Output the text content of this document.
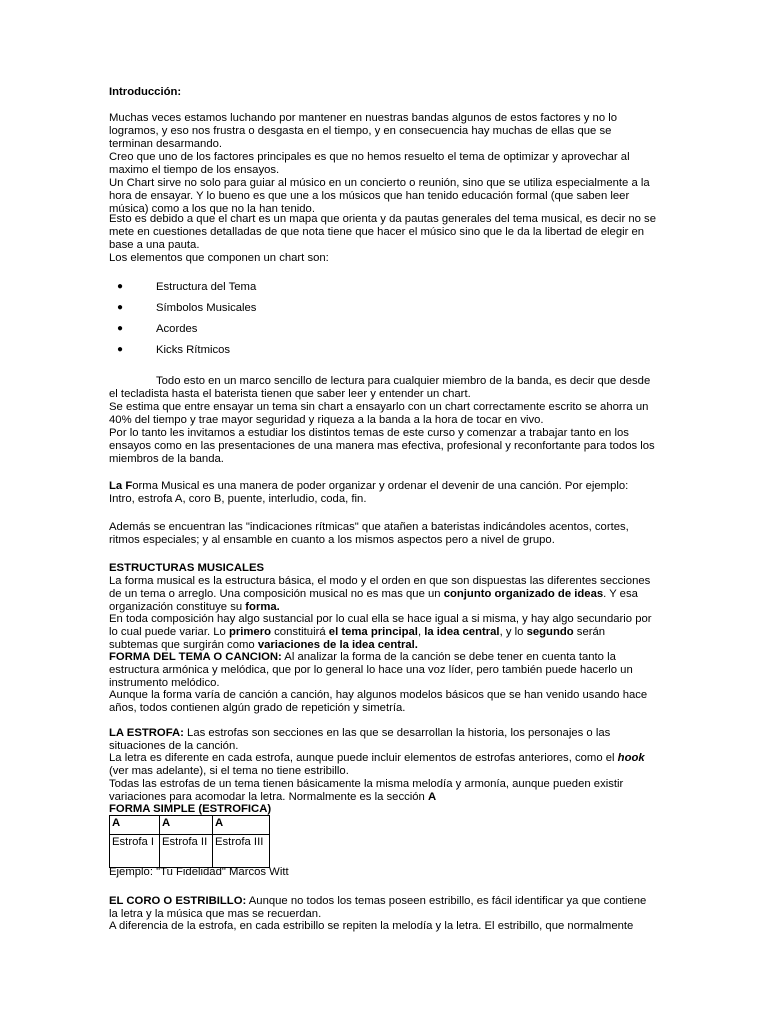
Introducción:
Muchas veces estamos luchando por mantener en nuestras bandas algunos de estos factores y no lo logramos, y eso nos frustra o desgasta en el tiempo, y en consecuencia hay muchas de ellas que se terminan desarmando.
Creo que uno de los factores principales es que no hemos resuelto el tema de optimizar y aprovechar al maximo el tiempo de los ensayos.
Un Chart sirve no solo para guiar al músico en un concierto o reunión, sino que se utiliza especialmente a la hora de ensayar. Y lo bueno es que une a los músicos que han tenido educación formal (que saben leer música) como a los que no la han tenido.
Esto es debido a que el chart es un mapa que orienta y da pautas generales del tema musical, es decir no se mete en cuestiones detalladas de que nota tiene que hacer el músico sino que le da la libertad de elegir en base a una pauta.
Los elementos que componen un chart son:
●	Estructura del Tema
●	Símbolos Musicales
●	Acordes
●	Kicks Rítmicos
Todo esto en un marco sencillo de lectura para cualquier miembro de la banda, es decir que desde el tecladista hasta el baterista tienen que saber leer y entender un chart.
Se estima que entre ensayar un tema sin chart a ensayarlo con un chart correctamente escrito se ahorra un 40% del tiempo y trae mayor seguridad y riqueza a la banda a la hora de tocar en vivo.
Por lo tanto les invitamos a estudiar los distintos temas de este curso y comenzar a trabajar tanto en los ensayos como en las presentaciones de una manera mas efectiva, profesional y reconfortante para todos los miembros de la banda.
La Forma Musical es una manera de poder organizar y ordenar el devenir de una canción. Por ejemplo: Intro, estrofa A, coro B, puente, interludio, coda, fin.
Además se encuentran las "indicaciones rítmicas" que atañen a bateristas indicándoles acentos, cortes, ritmos especiales; y al ensamble en cuanto a los mismos aspectos pero a nivel de grupo.
ESTRUCTURAS MUSICALES
La forma musical es la estructura básica, el modo y el orden en que son dispuestas las diferentes secciones de un tema o arreglo. Una composición musical no es mas que un conjunto organizado de ideas. Y esa organización constituye su forma.
En toda composición hay algo sustancial por lo cual ella se hace igual a si misma, y hay algo secundario por lo cual puede variar. Lo primero constituirá el tema principal, la idea central, y lo segundo serán subtemas que surgirán como variaciones de la idea central.
FORMA DEL TEMA O CANCION: Al analizar la forma de la canción se debe tener en cuenta tanto la estructura armónica y melódica, que por lo general lo hace una voz líder, pero también puede hacerlo un instrumento melódico.
Aunque la forma varía de canción a canción, hay algunos modelos básicos que se han venido usando hace años, todos contienen algún grado de repetición y simetría.
LA ESTROFA: Las estrofas son secciones en las que se desarrollan la historia, los personajes o las situaciones de la canción.
La letra es diferente en cada estrofa, aunque puede incluir elementos de estrofas anteriores, como el hook (ver mas adelante), si el tema no tiene estribillo.
Todas las estrofas de un tema tienen básicamente la misma melodía y armonía, aunque pueden existir variaciones para acomodar la letra. Normalmente es la sección A
FORMA SIMPLE (ESTROFICA)
A	A	A
Estrofa I	Estrofa II	Estrofa III
Ejemplo: "Tu Fidelidad" Marcos Witt
EL CORO O ESTRIBILLO: Aunque no todos los temas poseen estribillo, es fácil identificar ya que contiene la letra y la música que mas se recuerdan.
A diferencia de la estrofa, en cada estribillo se repiten la melodía y la letra. El estribillo, que normalmente
